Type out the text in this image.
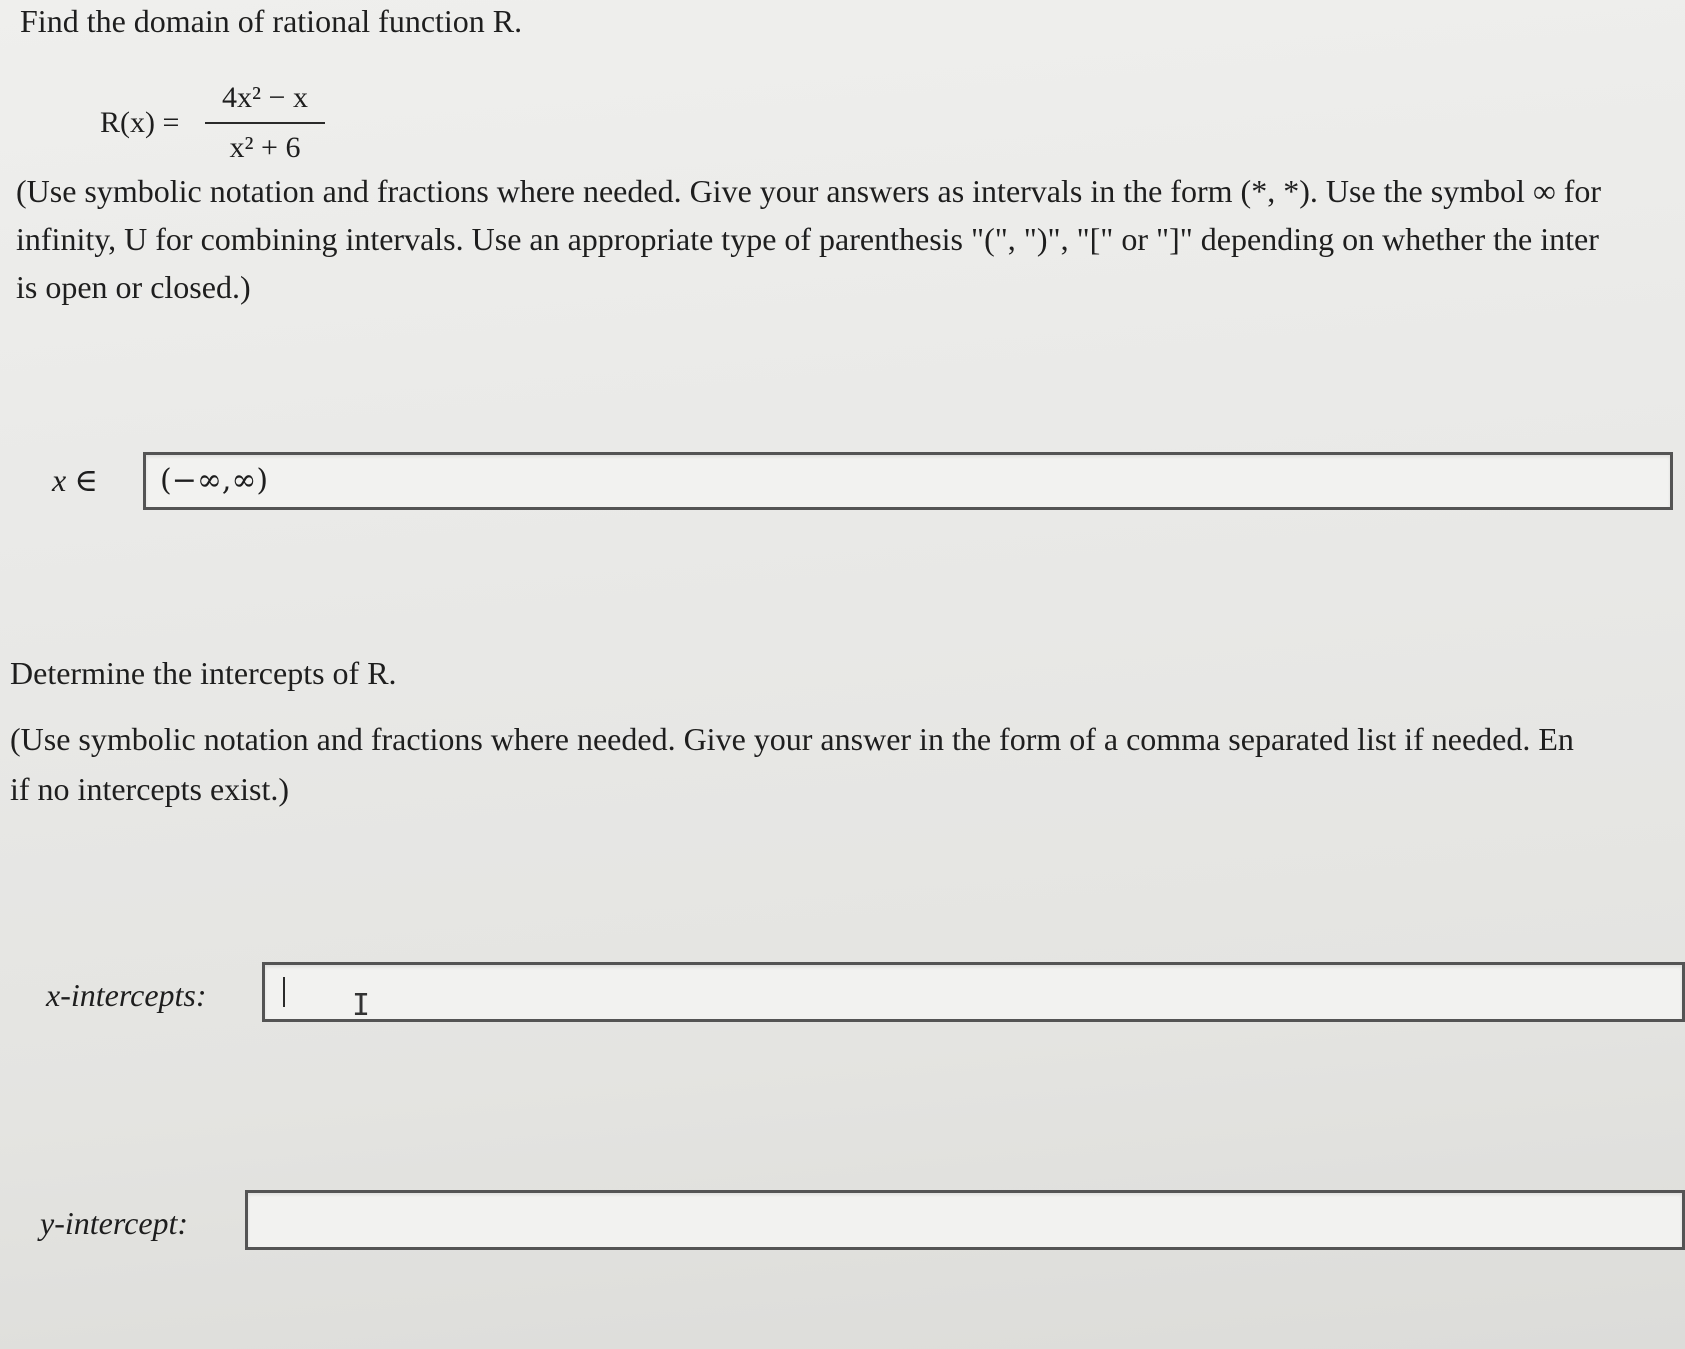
Find the domain of rational function R.
R(x) =
4x² − x
x² + 6
(Use symbolic notation and fractions where needed. Give your answers as intervals in the form (*, *). Use the symbol ∞ for
infinity, U for combining intervals. Use an appropriate type of parenthesis "(", ")", "[" or "]" depending on whether the inter
is open or closed.)
x ∈	(−∞,∞)
Determine the intercepts of R.
(Use symbolic notation and fractions where needed. Give your answer in the form of a comma separated list if needed. En
if no intercepts exist.)
x-intercepts:	I
y-intercept:
